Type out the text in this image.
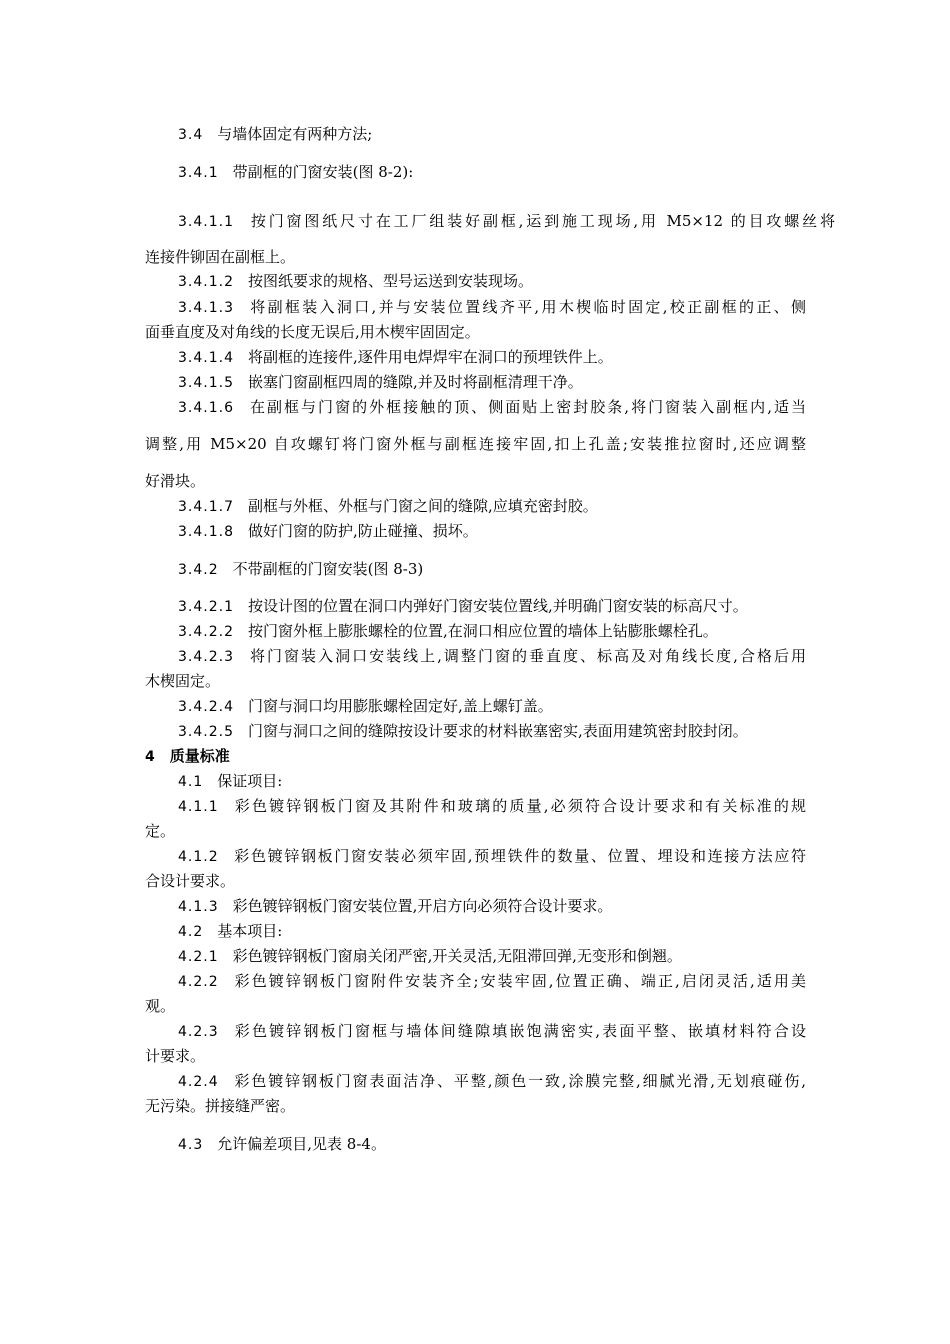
3.4 与墙体固定有两种方法;
3.4.1 带副框的门窗安装(图 8-2):
3.4.1.1 按门窗图纸尺寸在工厂组装好副框,运到施工现场,用 M5×12 的目攻螺丝将
连接件铆固在副框上。
3.4.1.2 按图纸要求的规格、型号运送到安装现场。
3.4.1.3 将副框装入洞口,并与安装位置线齐平,用木楔临时固定,校正副框的正、侧
面垂直度及对角线的长度无误后,用木楔牢固固定。
3.4.1.4 将副框的连接件,逐件用电焊焊牢在洞口的预埋铁件上。
3.4.1.5 嵌塞门窗副框四周的缝隙,并及时将副框清理干净。
3.4.1.6 在副框与门窗的外框接触的顶、侧面贴上密封胶条,将门窗装入副框内,适当
调整,用 M5×20 自攻螺钉将门窗外框与副框连接牢固,扣上孔盖;安装推拉窗时,还应调整
好滑块。
3.4.1.7 副框与外框、外框与门窗之间的缝隙,应填充密封胶。
3.4.1.8 做好门窗的防护,防止碰撞、损坏。
3.4.2 不带副框的门窗安装(图 8-3)
3.4.2.1 按设计图的位置在洞口内弹好门窗安装位置线,并明确门窗安装的标高尺寸。
3.4.2.2 按门窗外框上膨胀螺栓的位置,在洞口相应位置的墙体上钻膨胀螺栓孔。
3.4.2.3 将门窗装入洞口安装线上,调整门窗的垂直度、标高及对角线长度,合格后用
木楔固定。
3.4.2.4 门窗与洞口均用膨胀螺栓固定好,盖上螺钉盖。
3.4.2.5 门窗与洞口之间的缝隙按设计要求的材料嵌塞密实,表面用建筑密封胶封闭。
4 质量标准
4.1 保证项目:
4.1.1 彩色镀锌钢板门窗及其附件和玻璃的质量,必须符合设计要求和有关标准的规
定。
4.1.2 彩色镀锌钢板门窗安装必须牢固,预埋铁件的数量、位置、埋设和连接方法应符
合设计要求。
4.1.3 彩色镀锌钢板门窗安装位置,开启方向必须符合设计要求。
4.2 基本项目:
4.2.1 彩色镀锌钢板门窗扇关闭严密,开关灵活,无阻滞回弹,无变形和倒翘。
4.2.2 彩色镀锌钢板门窗附件安装齐全;安装牢固,位置正确、端正,启闭灵活,适用美
观。
4.2.3 彩色镀锌钢板门窗框与墙体间缝隙填嵌饱满密实,表面平整、嵌填材料符合设
计要求。
4.2.4 彩色镀锌钢板门窗表面洁净、平整,颜色一致,涂膜完整,细腻光滑,无划痕碰伤,
无污染。拼接缝严密。
4.3 允许偏差项目,见表 8-4。
